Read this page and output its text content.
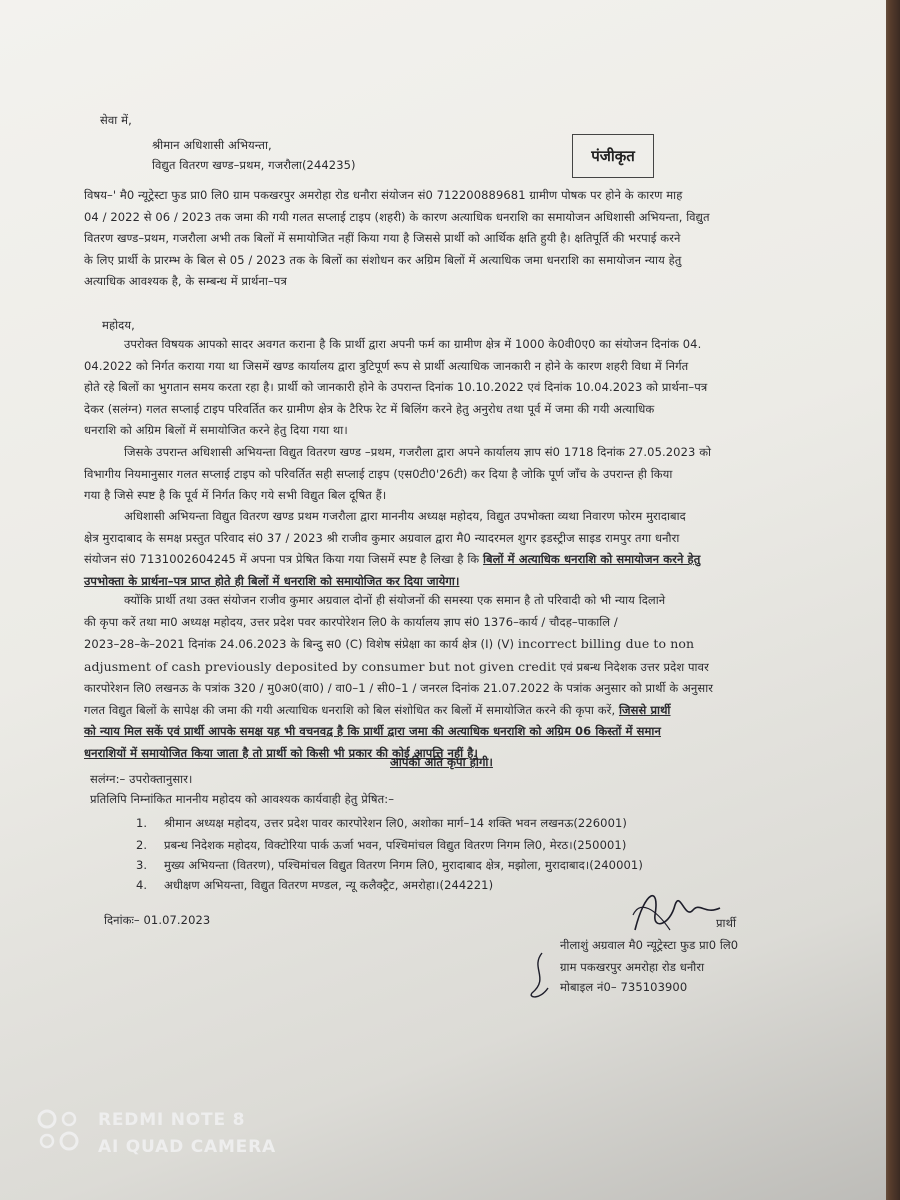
सेवा में,
श्रीमान अधिशासी अभियन्ता,
विद्युत वितरण खण्ड–प्रथम, गजरौला(244235)	पंजीकृत
विषय–' मै0 न्यूट्रेस्टा फुड प्रा0 लि0 ग्राम पकखरपुर अमरोहा रोड धनौरा संयोजन सं0 712200889681 ग्रामीण पोषक पर होने के कारण माह
04 / 2022 से 06 / 2023 तक जमा की गयी गलत सप्लाई टाइप (शहरी) के कारण अत्याधिक धनराशि का समायोजन अधिशासी अभियन्ता, विद्युत
वितरण खण्ड–प्रथम, गजरौला अभी तक बिलों में समायोजित नहीं किया गया है जिससे प्रार्थी को आर्थिक क्षति हुयी है। क्षतिपूर्ति की भरपाई करने
के लिए प्रार्थी के प्रारम्भ के बिल से 05 / 2023 तक के बिलों का संशोधन कर अग्रिम बिलों में अत्याधिक जमा धनराशि का समायोजन न्याय हेतु
अत्याधिक आवश्यक है, के सम्बन्ध में प्रार्थना–पत्र
महोदय,
उपरोक्त विषयक आपको सादर अवगत कराना है कि प्रार्थी द्वारा अपनी फर्म का ग्रामीण क्षेत्र में 1000 के0वी0ए0 का संयोजन दिनांक 04.
04.2022 को निर्गत कराया गया था जिसमें खण्ड कार्यालय द्वारा त्रुटिपूर्ण रूप से प्रार्थी अत्याधिक जानकारी न होने के कारण शहरी विधा में निर्गत
होते रहे बिलों का भुगतान समय करता रहा है। प्रार्थी को जानकारी होने के उपरान्त दिनांक 10.10.2022 एवं दिनांक 10.04.2023 को प्रार्थना–पत्र
देकर (सलंग्न) गलत सप्लाई टाइप परिवर्तित कर ग्रामीण क्षेत्र के टैरिफ रेट में बिलिंग करने हेतु अनुरोध तथा पूर्व में जमा की गयी अत्याधिक
धनराशि को अग्रिम बिलों में समायोजित करने हेतु दिया गया था।
जिसके उपरान्त अधिशासी अभियन्ता विद्युत वितरण खण्ड –प्रथम, गजरौला द्वारा अपने कार्यालय ज्ञाप सं0 1718 दिनांक 27.05.2023 को
विभागीय नियमानुसार गलत सप्लाई टाइप को परिवर्तित सही सप्लाई टाइप (एस0टी0'26टी) कर दिया है जोकि पूर्ण जाँच के उपरान्त ही किया
गया है जिसे स्पष्ट है कि पूर्व में निर्गत किए गये सभी विद्युत बिल दूषित हैं।
अधिशासी अभियन्ता विद्युत वितरण खण्ड प्रथम गजरौला द्वारा माननीय अध्यक्ष महोदय, विद्युत उपभोक्ता व्यथा निवारण फोरम मुरादाबाद
क्षेत्र मुरादाबाद के समक्ष प्रस्तुत परिवाद सं0 37 / 2023 श्री राजीव कुमार अग्रवाल द्वारा मै0 न्यादरमल शुगर इडस्ट्रीज साइड रामपुर तगा धनौरा
संयोजन सं0 7131002604245 में अपना पत्र प्रेषित किया गया जिसमें स्पष्ट है लिखा है कि बिलों में अत्याधिक धनराशि को समायोजन करने हेतु
उपभोक्ता के प्रार्थना–पत्र प्राप्त होते ही बिलों में धनराशि को समायोजित कर दिया जायेगा।
क्योंकि प्रार्थी तथा उक्त संयोजन राजीव कुमार अग्रवाल दोनों ही संयोजनों की समस्या एक समान है तो परिवादी को भी न्याय दिलाने
की कृपा करें तथा मा0 अध्यक्ष महोदय, उत्तर प्रदेश पवर कारपोरेशन लि0 के कार्यालय ज्ञाप सं0 1376–कार्य / चौदह–पाकालि /
2023–28–के–2021 दिनांक 24.06.2023 के बिन्दु स0 (C) विशेष संप्रेक्षा का कार्य क्षेत्र (I) (V) incorrect billing due to non
adjusment of cash previously deposited by consumer but not given credit एवं प्रबन्ध निदेशक उत्तर प्रदेश पावर
कारपोरेशन लि0 लखनऊ के पत्रांक 320 / मु0अ0(वा0) / वा0–1 / सी0–1 / जनरल दिनांक 21.07.2022 के पत्रांक अनुसार को प्रार्थी के अनुसार
गलत विद्युत बिलों के सापेक्ष की जमा की गयी अत्याधिक धनराशि को बिल संशोधित कर बिलों में समायोजित करने की कृपा करें, जिससे प्रार्थी
को न्याय मिल सकें एवं प्रार्थी आपके समक्ष यह भी वचनवद्व है कि प्रार्थी द्वारा जमा की अत्याधिक धनराशि को अग्रिम 06 किस्तों में समान
धनराशियों में समायोजित किया जाता है तो प्रार्थी को किसी भी प्रकार की कोई आपत्ति नहीं है।
आपकी अति कृपा होगी।
सलंग्न:– उपरोक्तानुसार।
प्रतिलिपि निम्नांकित माननीय महोदय को आवश्यक कार्यवाही हेतु प्रेषित:–
1. श्रीमान अध्यक्ष महोदय, उत्तर प्रदेश पावर कारपोरेशन लि0, अशोका मार्ग–14 शक्ति भवन लखनऊ(226001)
2. प्रबन्ध निदेशक महोदय, विक्टोरिया पार्क ऊर्जा भवन, पश्चिमांचल विद्युत वितरण निगम लि0, मेरठ।(250001)
3. मुख्य अभियन्ता (वितरण), पश्चिमांचल विद्युत वितरण निगम लि0, मुरादाबाद क्षेत्र, मझोला, मुरादाबाद।(240001)
4. अधीक्षण अभियन्ता, विद्युत वितरण मण्डल, न्यू कलैक्ट्रैट, अमरोहा।(244221)
दिनांकः– 01.07.2023	प्रार्थी
नीलाशुं अग्रवाल मै0 न्यूट्रेस्टा फुड प्रा0 लि0
ग्राम पकखरपुर अमरोहा रोड धनौरा
मोबाइल नं0– 735103900
REDMI NOTE 8
AI QUAD CAMERA
